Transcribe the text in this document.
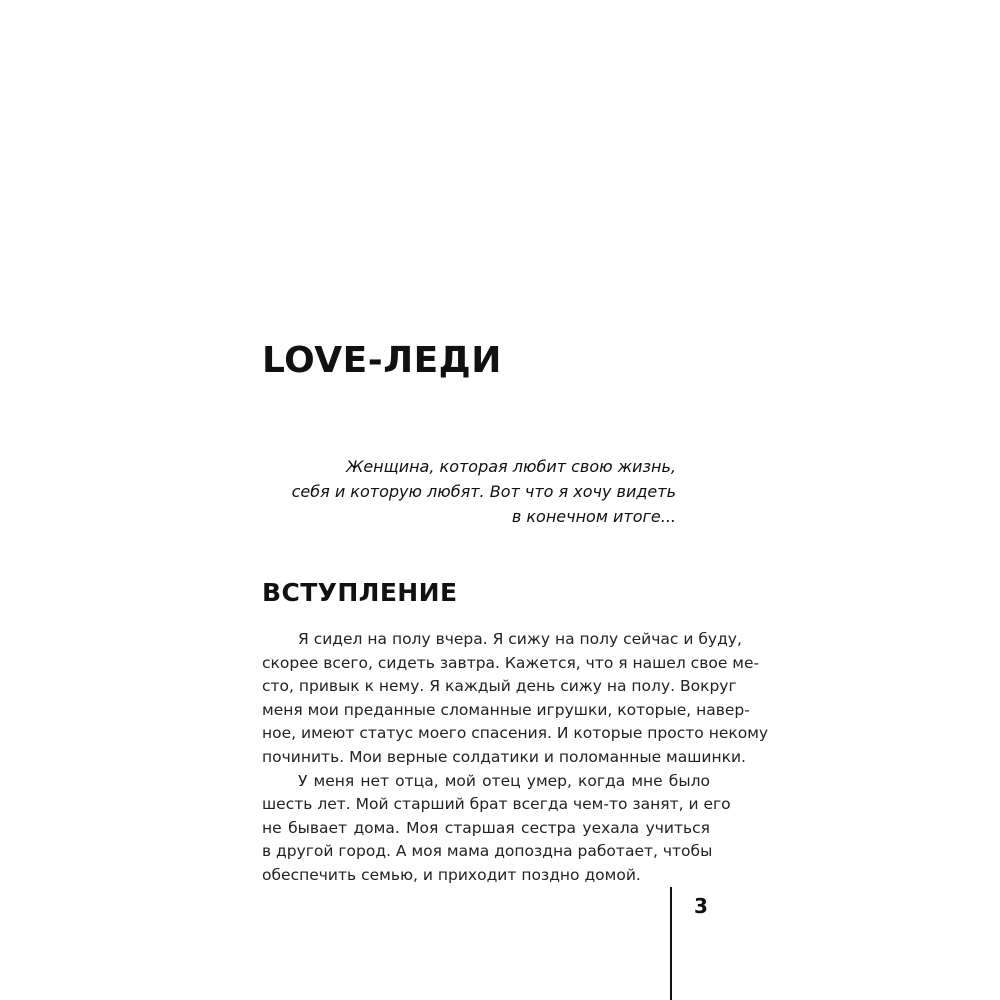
LOVE-ЛЕДИ
Женщина, которая любит свою жизнь,
себя и которую любят. Вот что я хочу видеть
в конечном итоге...
ВСТУПЛЕНИЕ
Я сидел на полу вчера. Я сижу на полу сейчас и буду,
скорее всего, сидеть завтра. Кажется, что я нашел свое ме-
сто, привык к нему. Я каждый день сижу на полу. Вокруг
меня мои преданные сломанные игрушки, которые, навер-
ное, имеют статус моего спасения. И которые просто некому
починить. Мои верные солдатики и поломанные машинки.
У меня нет отца, мой отец умер, когда мне было
шесть лет. Мой старший брат всегда чем-то занят, и его
не бывает дома. Моя старшая сестра уехала учиться
в другой город. А моя мама допоздна работает, чтобы
обеспечить семью, и приходит поздно домой.
3
